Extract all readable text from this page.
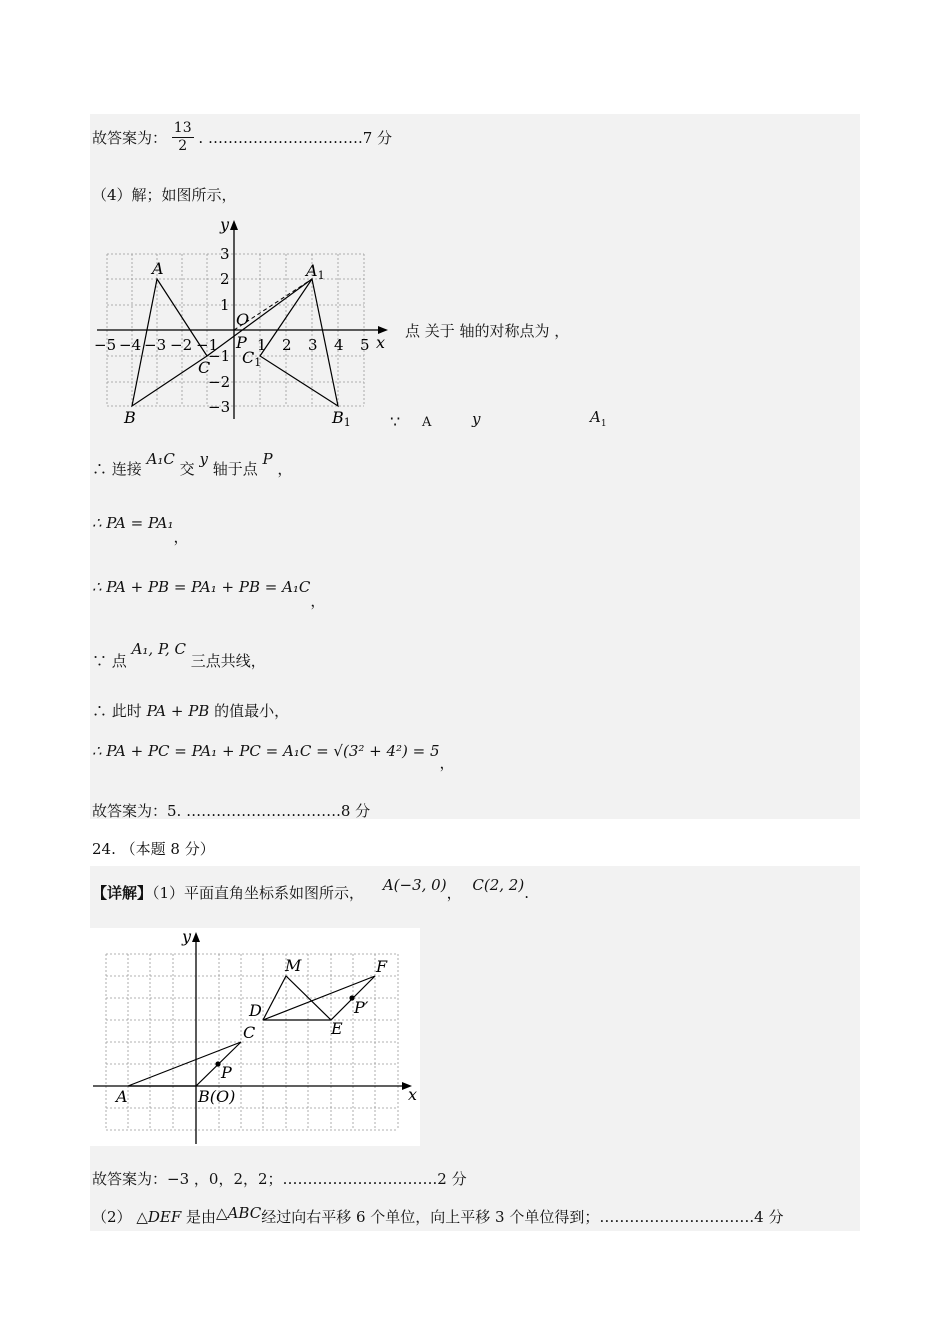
故答案为： $\frac{13}{2}$ . ………………………….7 分
（4）解；如图所示，
y
x
−5 −4 −3 −2 −1	1 2 3 4 5
3
2
1
−1
−2
−3
A	A1
B	B1
C
C1
O
P
点 关于 轴的对称点为 ，
∵ A	y	$A_1$
∴ 连接 A₁C 交 y 轴于点 P ，
∴ PA = PA₁，
∴ PA + PB = PA₁ + PB = A₁C，
∵ 点 A₁, P, C 三点共线，
∴ 此时 PA + PB 的值最小，
∴ PA + PC = PA₁ + PC = A₁C = √(3² + 4²) = 5，
故答案为：5. ………………………….8 分
24. （本题 8 分）
【详解】（1）平面直角坐标系如图所示， A(−3, 0)， C(2, 2).
y
x
A	B(O)
C
P
D
E
F
M
P′
故答案为：−3 ，0，2，2；………………………….2 分
（2） △DEF 是由△ABC经过向右平移 6 个单位，向上平移 3 个单位得到；………………………….4 分
